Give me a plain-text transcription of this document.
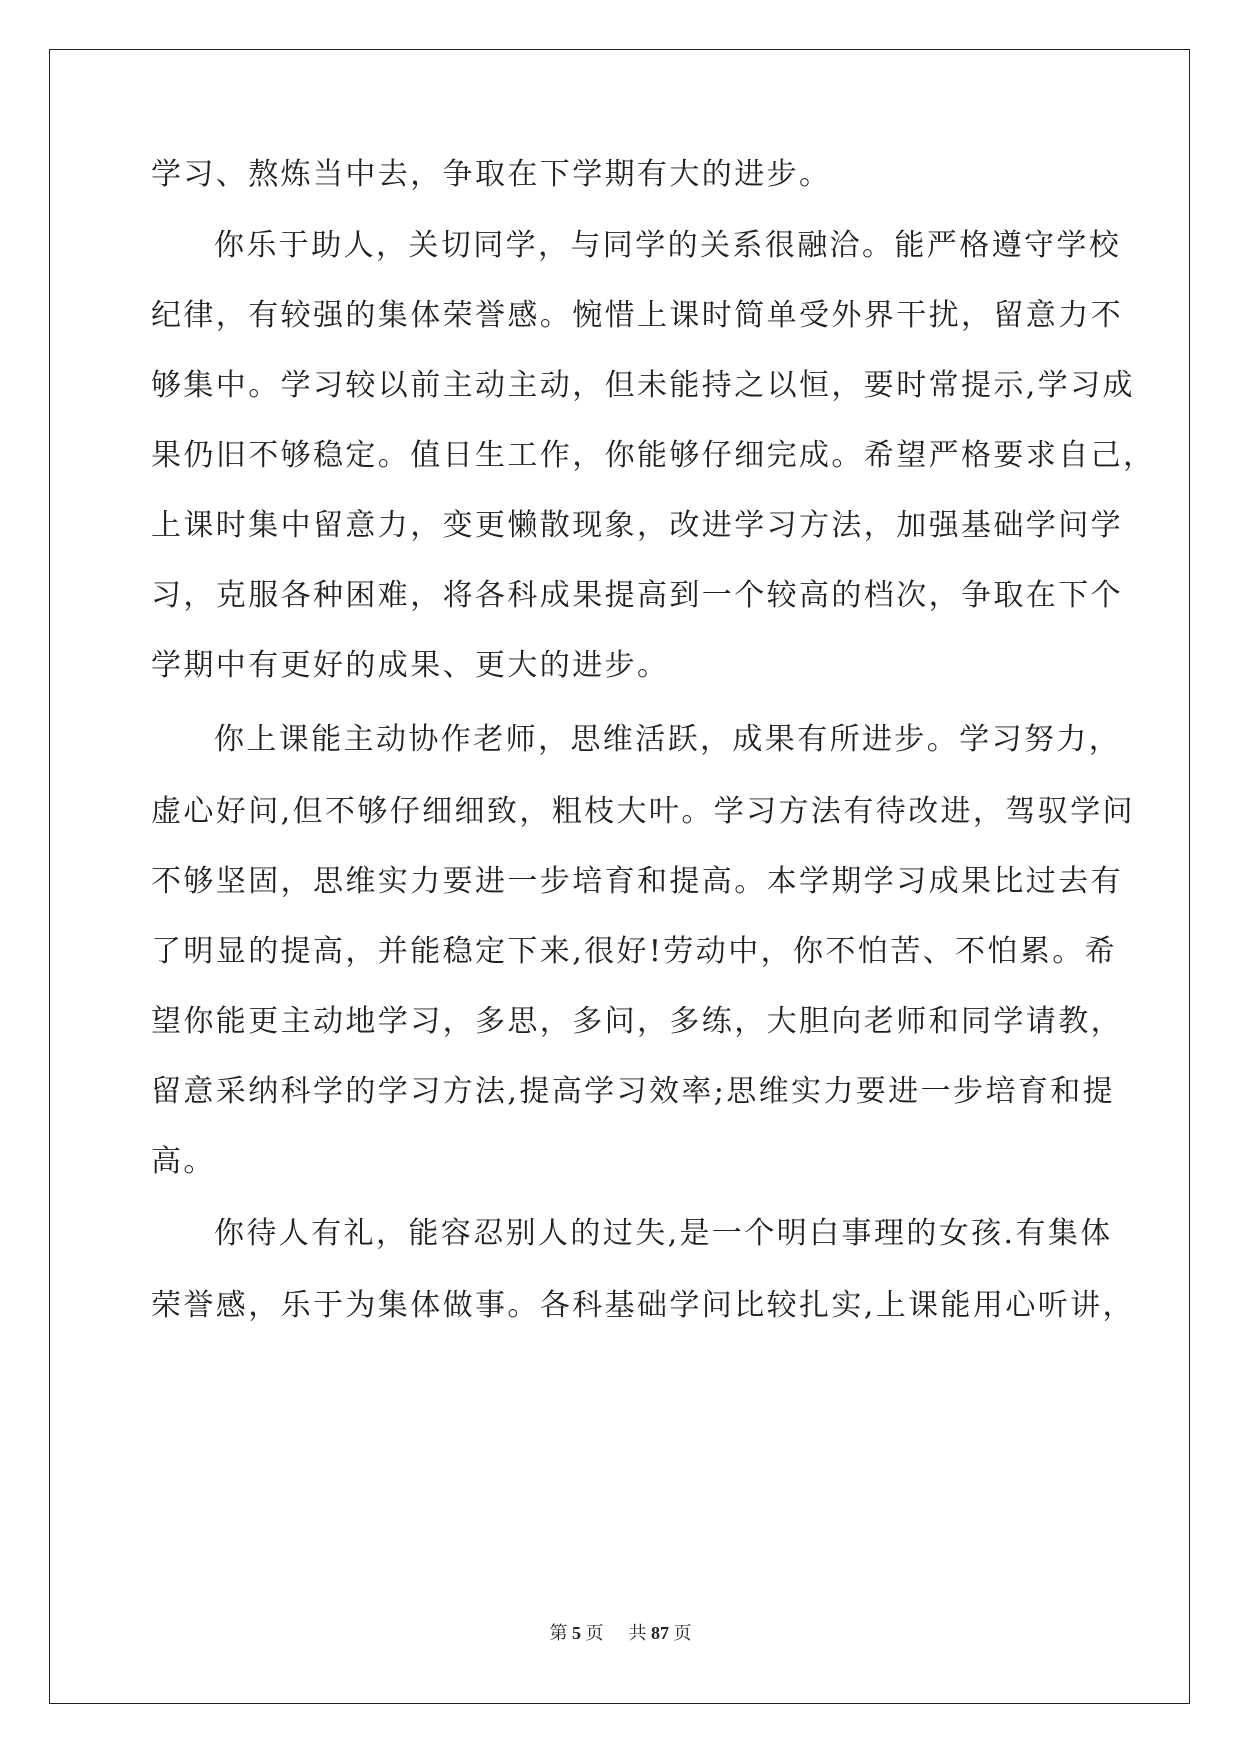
学习、熬炼当中去，争取在下学期有大的进步。
你乐于助人，关切同学，与同学的关系很融洽。能严格遵守学校
纪律，有较强的集体荣誉感。惋惜上课时简单受外界干扰，留意力不
够集中。学习较以前主动主动，但未能持之以恒，要时常提示,学习成
果仍旧不够稳定。值日生工作，你能够仔细完成。希望严格要求自己，
上课时集中留意力，变更懒散现象，改进学习方法，加强基础学问学
习，克服各种困难，将各科成果提高到一个较高的档次，争取在下个
学期中有更好的成果、更大的进步。
你上课能主动协作老师，思维活跃，成果有所进步。学习努力，
虚心好问,但不够仔细细致，粗枝大叶。学习方法有待改进，驾驭学问
不够坚固，思维实力要进一步培育和提高。本学期学习成果比过去有
了明显的提高，并能稳定下来,很好!劳动中，你不怕苦、不怕累。希
望你能更主动地学习，多思，多问，多练，大胆向老师和同学请教，
留意采纳科学的学习方法,提高学习效率;思维实力要进一步培育和提
高。
你待人有礼，能容忍别人的过失,是一个明白事理的女孩.有集体
荣誉感，乐于为集体做事。各科基础学问比较扎实,上课能用心听讲，
第 5 页 共 87 页
